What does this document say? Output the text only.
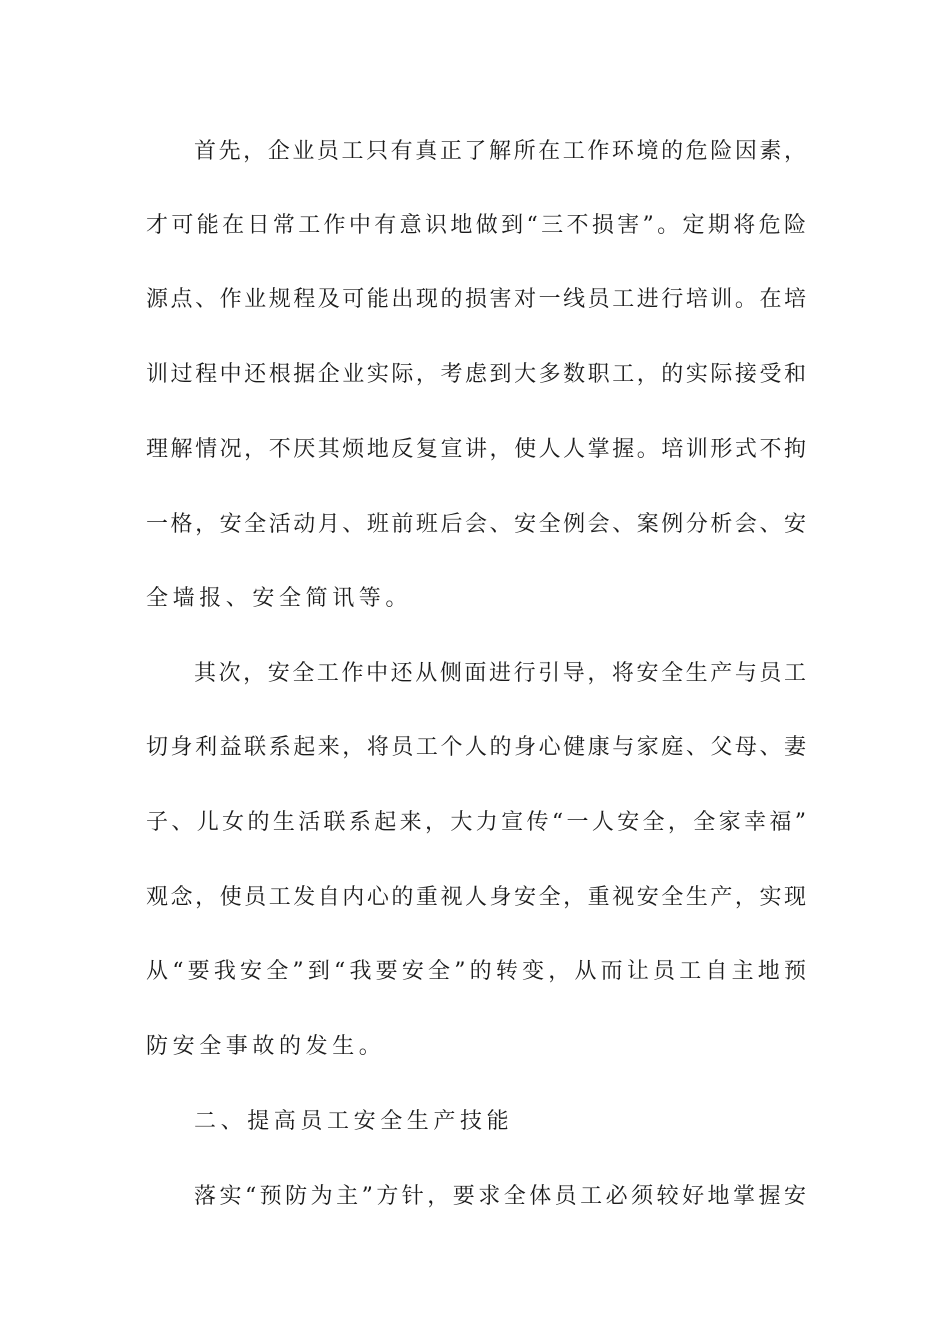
首先，企业员工只有真正了解所在工作环境的危险因素，
才可能在日常工作中有意识地做到“三不损害”。定期将危险
源点、作业规程及可能出现的损害对一线员工进行培训。在培
训过程中还根据企业实际，考虑到大多数职工，的实际接受和
理解情况，不厌其烦地反复宣讲，使人人掌握。培训形式不拘
一格，安全活动月、班前班后会、安全例会、案例分析会、安
全墙报、安全简讯等。
其次，安全工作中还从侧面进行引导，将安全生产与员工
切身利益联系起来，将员工个人的身心健康与家庭、父母、妻
子、儿女的生活联系起来，大力宣传“一人安全，全家幸福”
观念，使员工发自内心的重视人身安全，重视安全生产，实现
从“要我安全”到“我要安全”的转变，从而让员工自主地预
防安全事故的发生。
二、提高员工安全生产技能
落实“预防为主”方针，要求全体员工必须较好地掌握安
